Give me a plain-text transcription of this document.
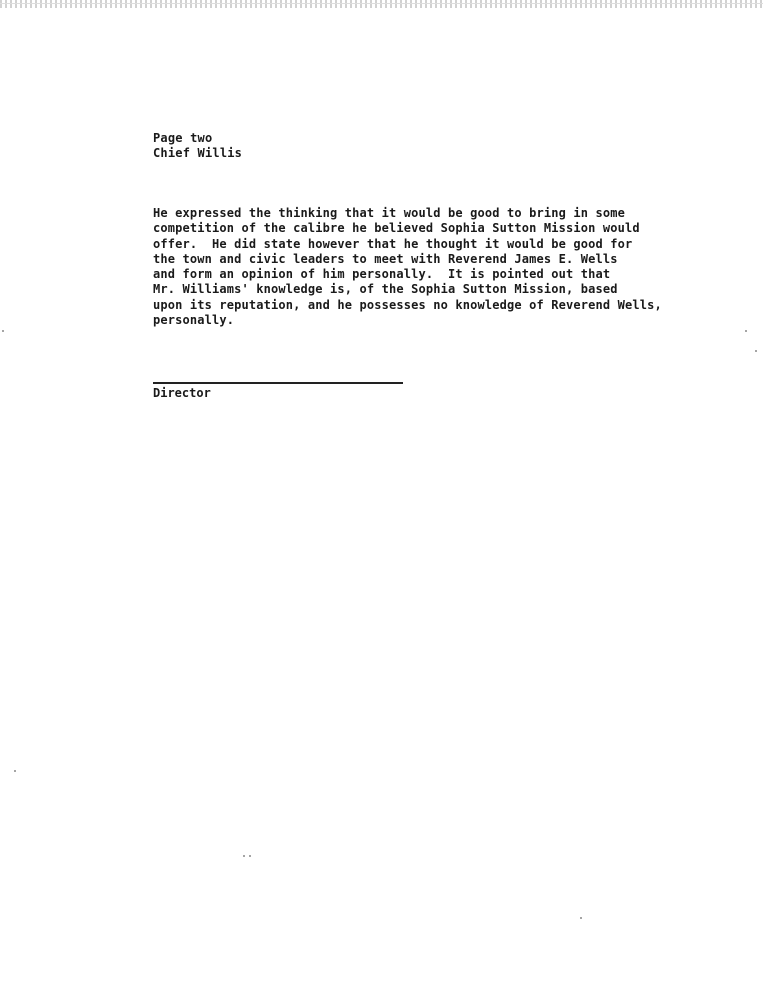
Page two
Chief Willis
He expressed the thinking that it would be good to bring in some
competition of the calibre he believed Sophia Sutton Mission would
offer.  He did state however that he thought it would be good for
the town and civic leaders to meet with Reverend James E. Wells
and form an opinion of him personally.  It is pointed out that
Mr. Williams' knowledge is, of the Sophia Sutton Mission, based
upon its reputation, and he possesses no knowledge of Reverend Wells,
personally.
Director
